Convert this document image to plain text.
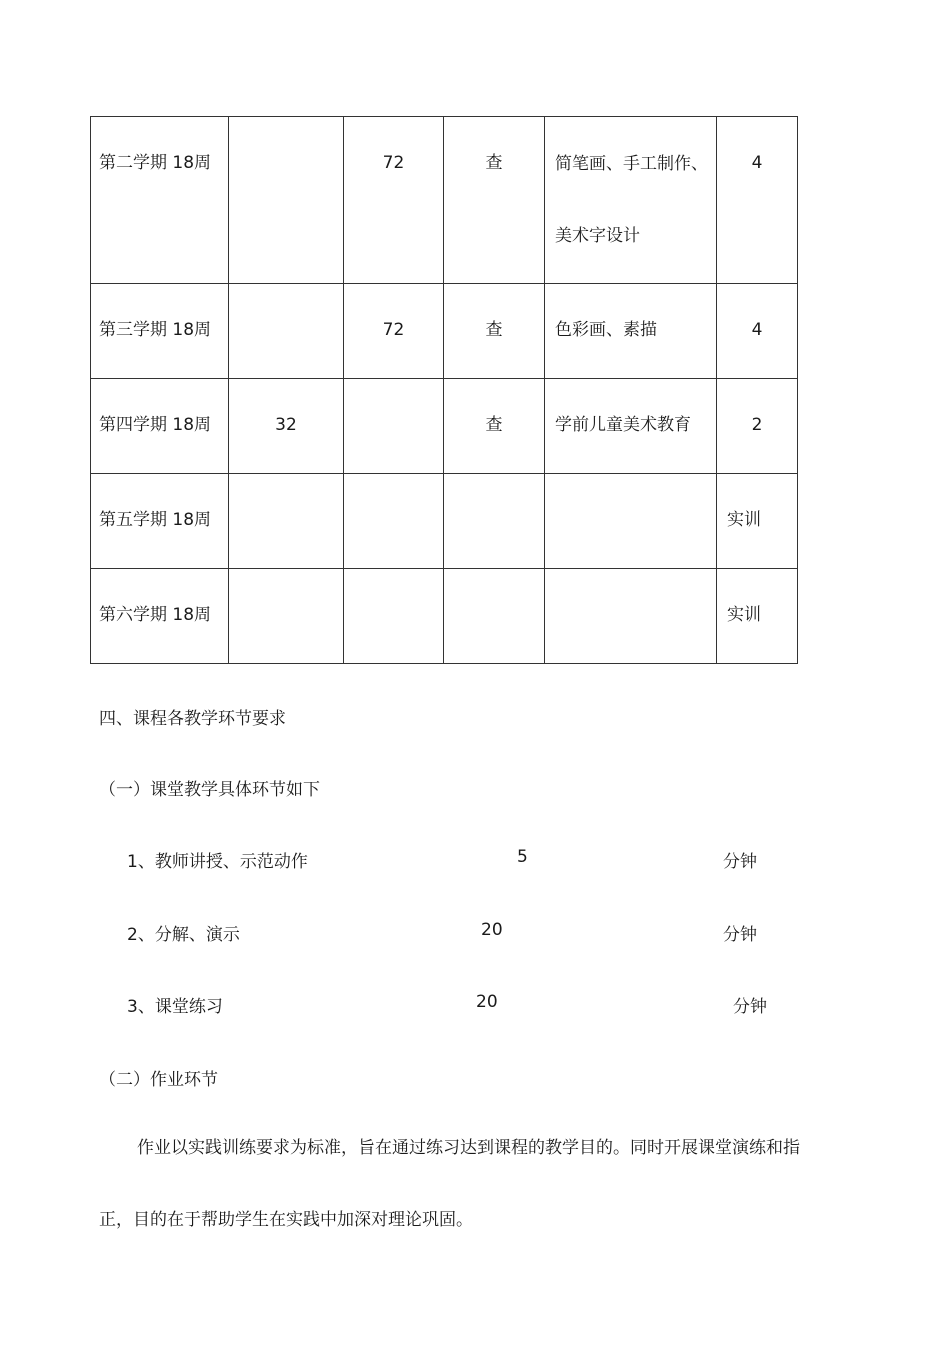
第二学期 18周		72	查	简笔画、手工制作、美术字设计	4
第三学期 18周		72	查	色彩画、素描	4
第四学期 18周	32		查	学前儿童美术教育	2
第五学期 18周					实训
第六学期 18周					实训
四、课程各教学环节要求
（一）课堂教学具体环节如下
1、教师讲授、示范动作	5	分钟
2、分解、演示	20	分钟
3、课堂练习	20	分钟
（二）作业环节
作业以实践训练要求为标准，旨在通过练习达到课程的教学目的。同时开展课堂演练和指正，目的在于帮助学生在实践中加深对理论巩固。
